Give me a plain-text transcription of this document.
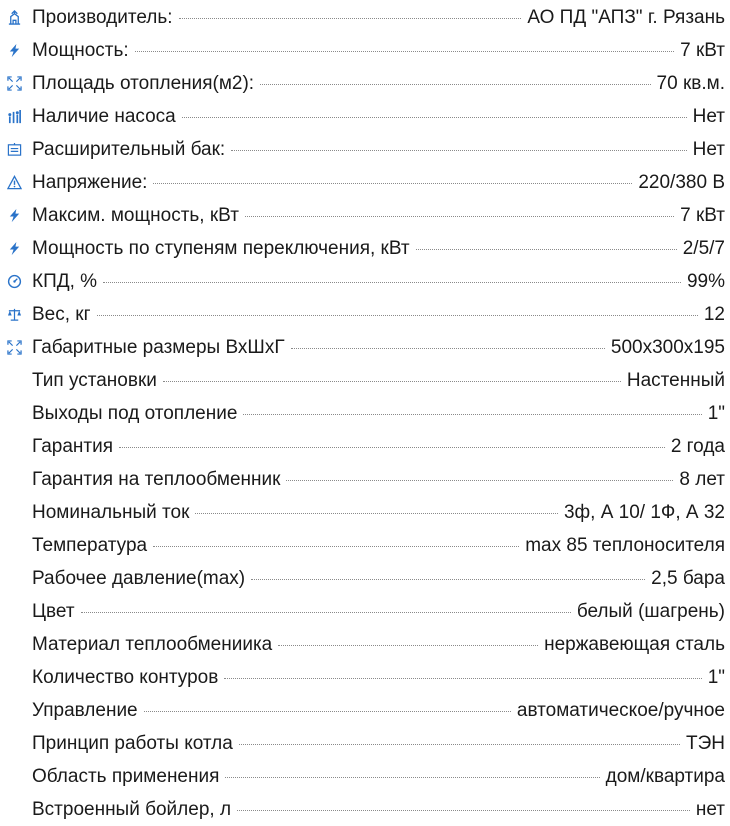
Производитель:	АО ПД "АПЗ" г. Рязань
Мощность:	7 кВт
Площадь отопления(м2):	70 кв.м.
Наличие насоса	Нет
Расширительный бак:	Нет
Напряжение:	220/380 В
Максим. мощность, кВт	7 кВт
Мощность по ступеням переключения, кВт	2/5/7
КПД, %	99%
Вес, кг	12
Габаритные размеры ВхШхГ	500x300x195
Тип установки	Настенный
Выходы под отопление	1"
Гарантия	2 года
Гарантия на теплообменник	8 лет
Номинальный ток	3ф, А 10/ 1Ф, А 32
Температура	max 85 теплоносителя
Рабочее давление(max)	2,5 бара
Цвет	белый (шагрень)
Материал теплообмениика	нержавеющая сталь
Количество контуров	1"
Управление	автоматическое/ручное
Принцип работы котла	ТЭН
Область применения	дом/квартира
Встроенный бойлер, л	нет
